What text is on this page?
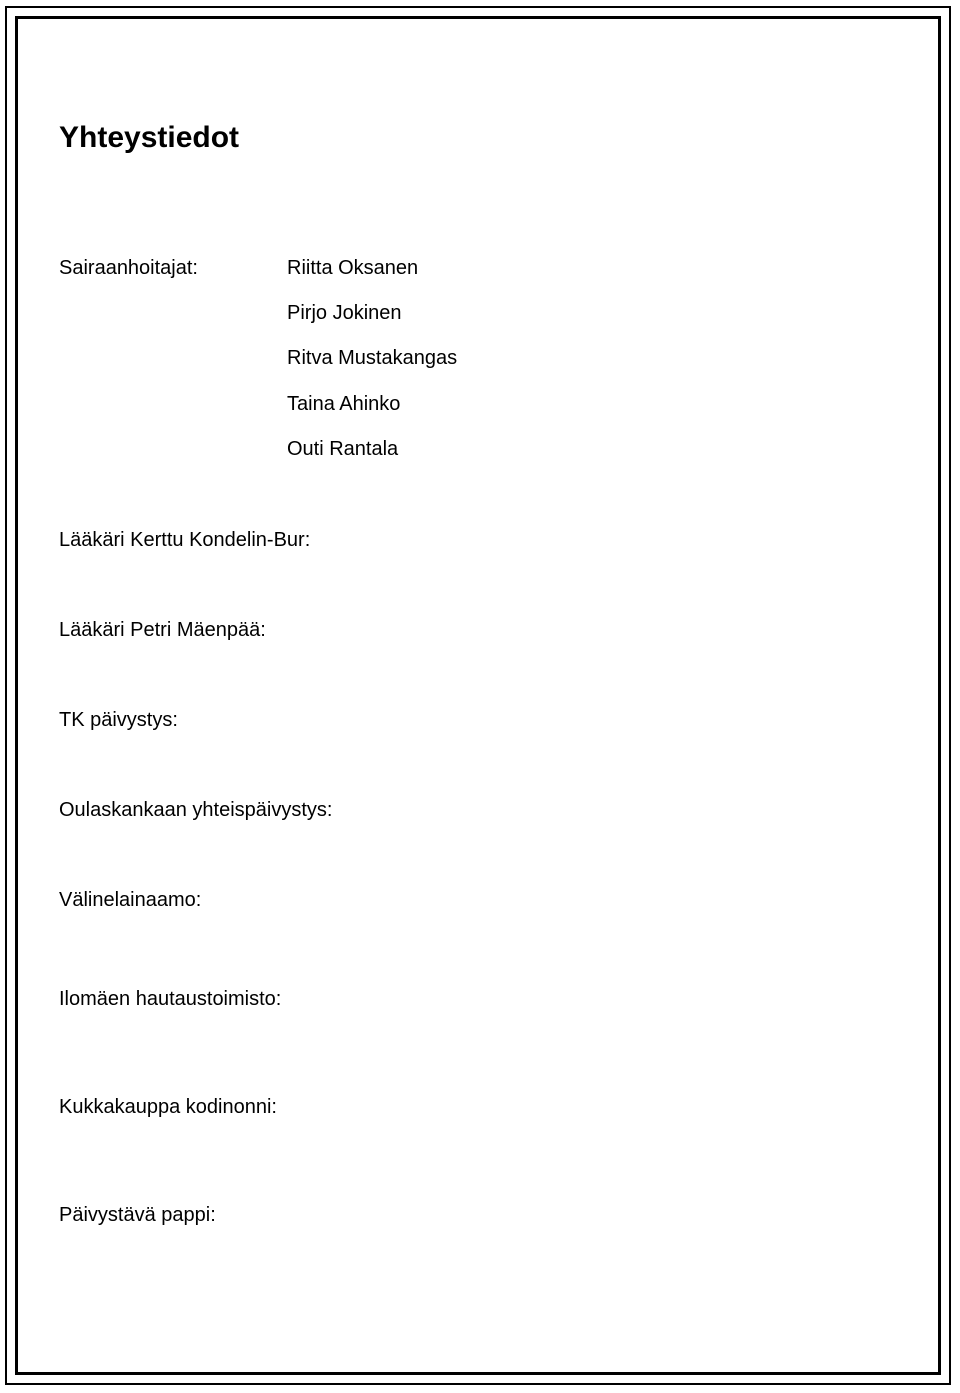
Yhteystiedot
Sairaanhoitajat:	Riitta Oksanen
Pirjo Jokinen
Ritva Mustakangas
Taina Ahinko
Outi Rantala
Lääkäri Kerttu Kondelin-Bur:
Lääkäri Petri Mäenpää:
TK päivystys:
Oulaskankaan yhteispäivystys:
Välinelainaamo:
Ilomäen hautaustoimisto:
Kukkakauppa kodinonni:
Päivystävä pappi:
